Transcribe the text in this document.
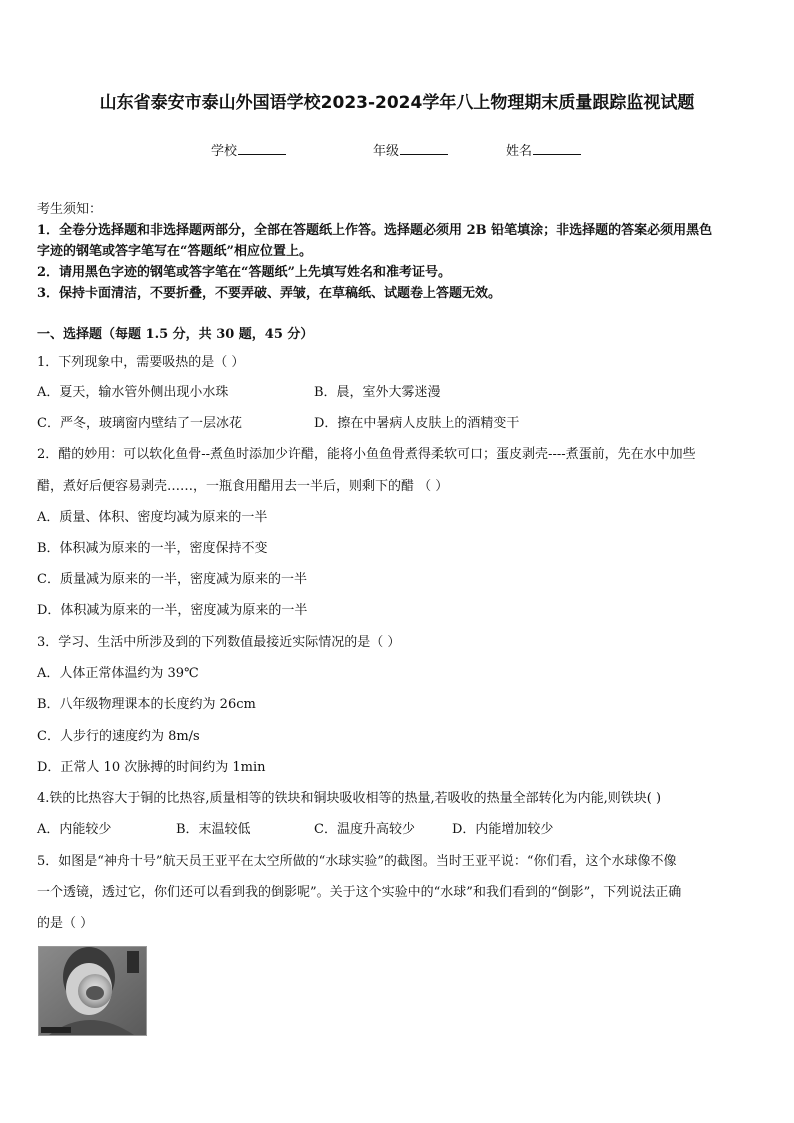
山东省泰安市泰山外国语学校2023-2024学年八上物理期末质量跟踪监视试题
学校	年级	姓名
考生须知：
1．全卷分选择题和非选择题两部分，全部在答题纸上作答。选择题必须用 2B 铅笔填涂；非选择题的答案必须用黑色
字迹的钢笔或答字笔写在“答题纸”相应位置上。
2．请用黑色字迹的钢笔或答字笔在“答题纸”上先填写姓名和准考证号。
3．保持卡面清洁，不要折叠，不要弄破、弄皱，在草稿纸、试题卷上答题无效。
一、选择题（每题 1.5 分，共 30 题，45 分）
1．下列现象中，需要吸热的是（ ）
A．夏天，输水管外侧出现小水珠	B．晨，室外大雾迷漫
C．严冬，玻璃窗内壁结了一层冰花	D．擦在中暑病人皮肤上的酒精变干
2．醋的妙用：可以软化鱼骨--煮鱼时添加少许醋，能将小鱼鱼骨煮得柔软可口；蛋皮剥壳----煮蛋前，先在水中加些
醋，煮好后便容易剥壳……，一瓶食用醋用去一半后，则剩下的醋 （ ）
A．质量、体积、密度均减为原来的一半
B．体积减为原来的一半，密度保持不变
C．质量减为原来的一半，密度减为原来的一半
D．体积减为原来的一半，密度减为原来的一半
3．学习、生活中所涉及到的下列数值最接近实际情况的是（ ）
A．人体正常体温约为 39℃
B．八年级物理课本的长度约为 26cm
C．人步行的速度约为 8m/s
D．正常人 10 次脉搏的时间约为 1min
4.铁的比热容大于铜的比热容,质量相等的铁块和铜块吸收相等的热量,若吸收的热量全部转化为内能,则铁块( )
A．内能较少	B．末温较低	C．温度升高较少	D．内能增加较少
5．如图是“神舟十号”航天员王亚平在太空所做的“水球实验”的截图。当时王亚平说：“你们看，这个水球像不像
一个透镜，透过它，你们还可以看到我的倒影呢”。关于这个实验中的“水球”和我们看到的“倒影”，下列说法正确
的是（ ）
